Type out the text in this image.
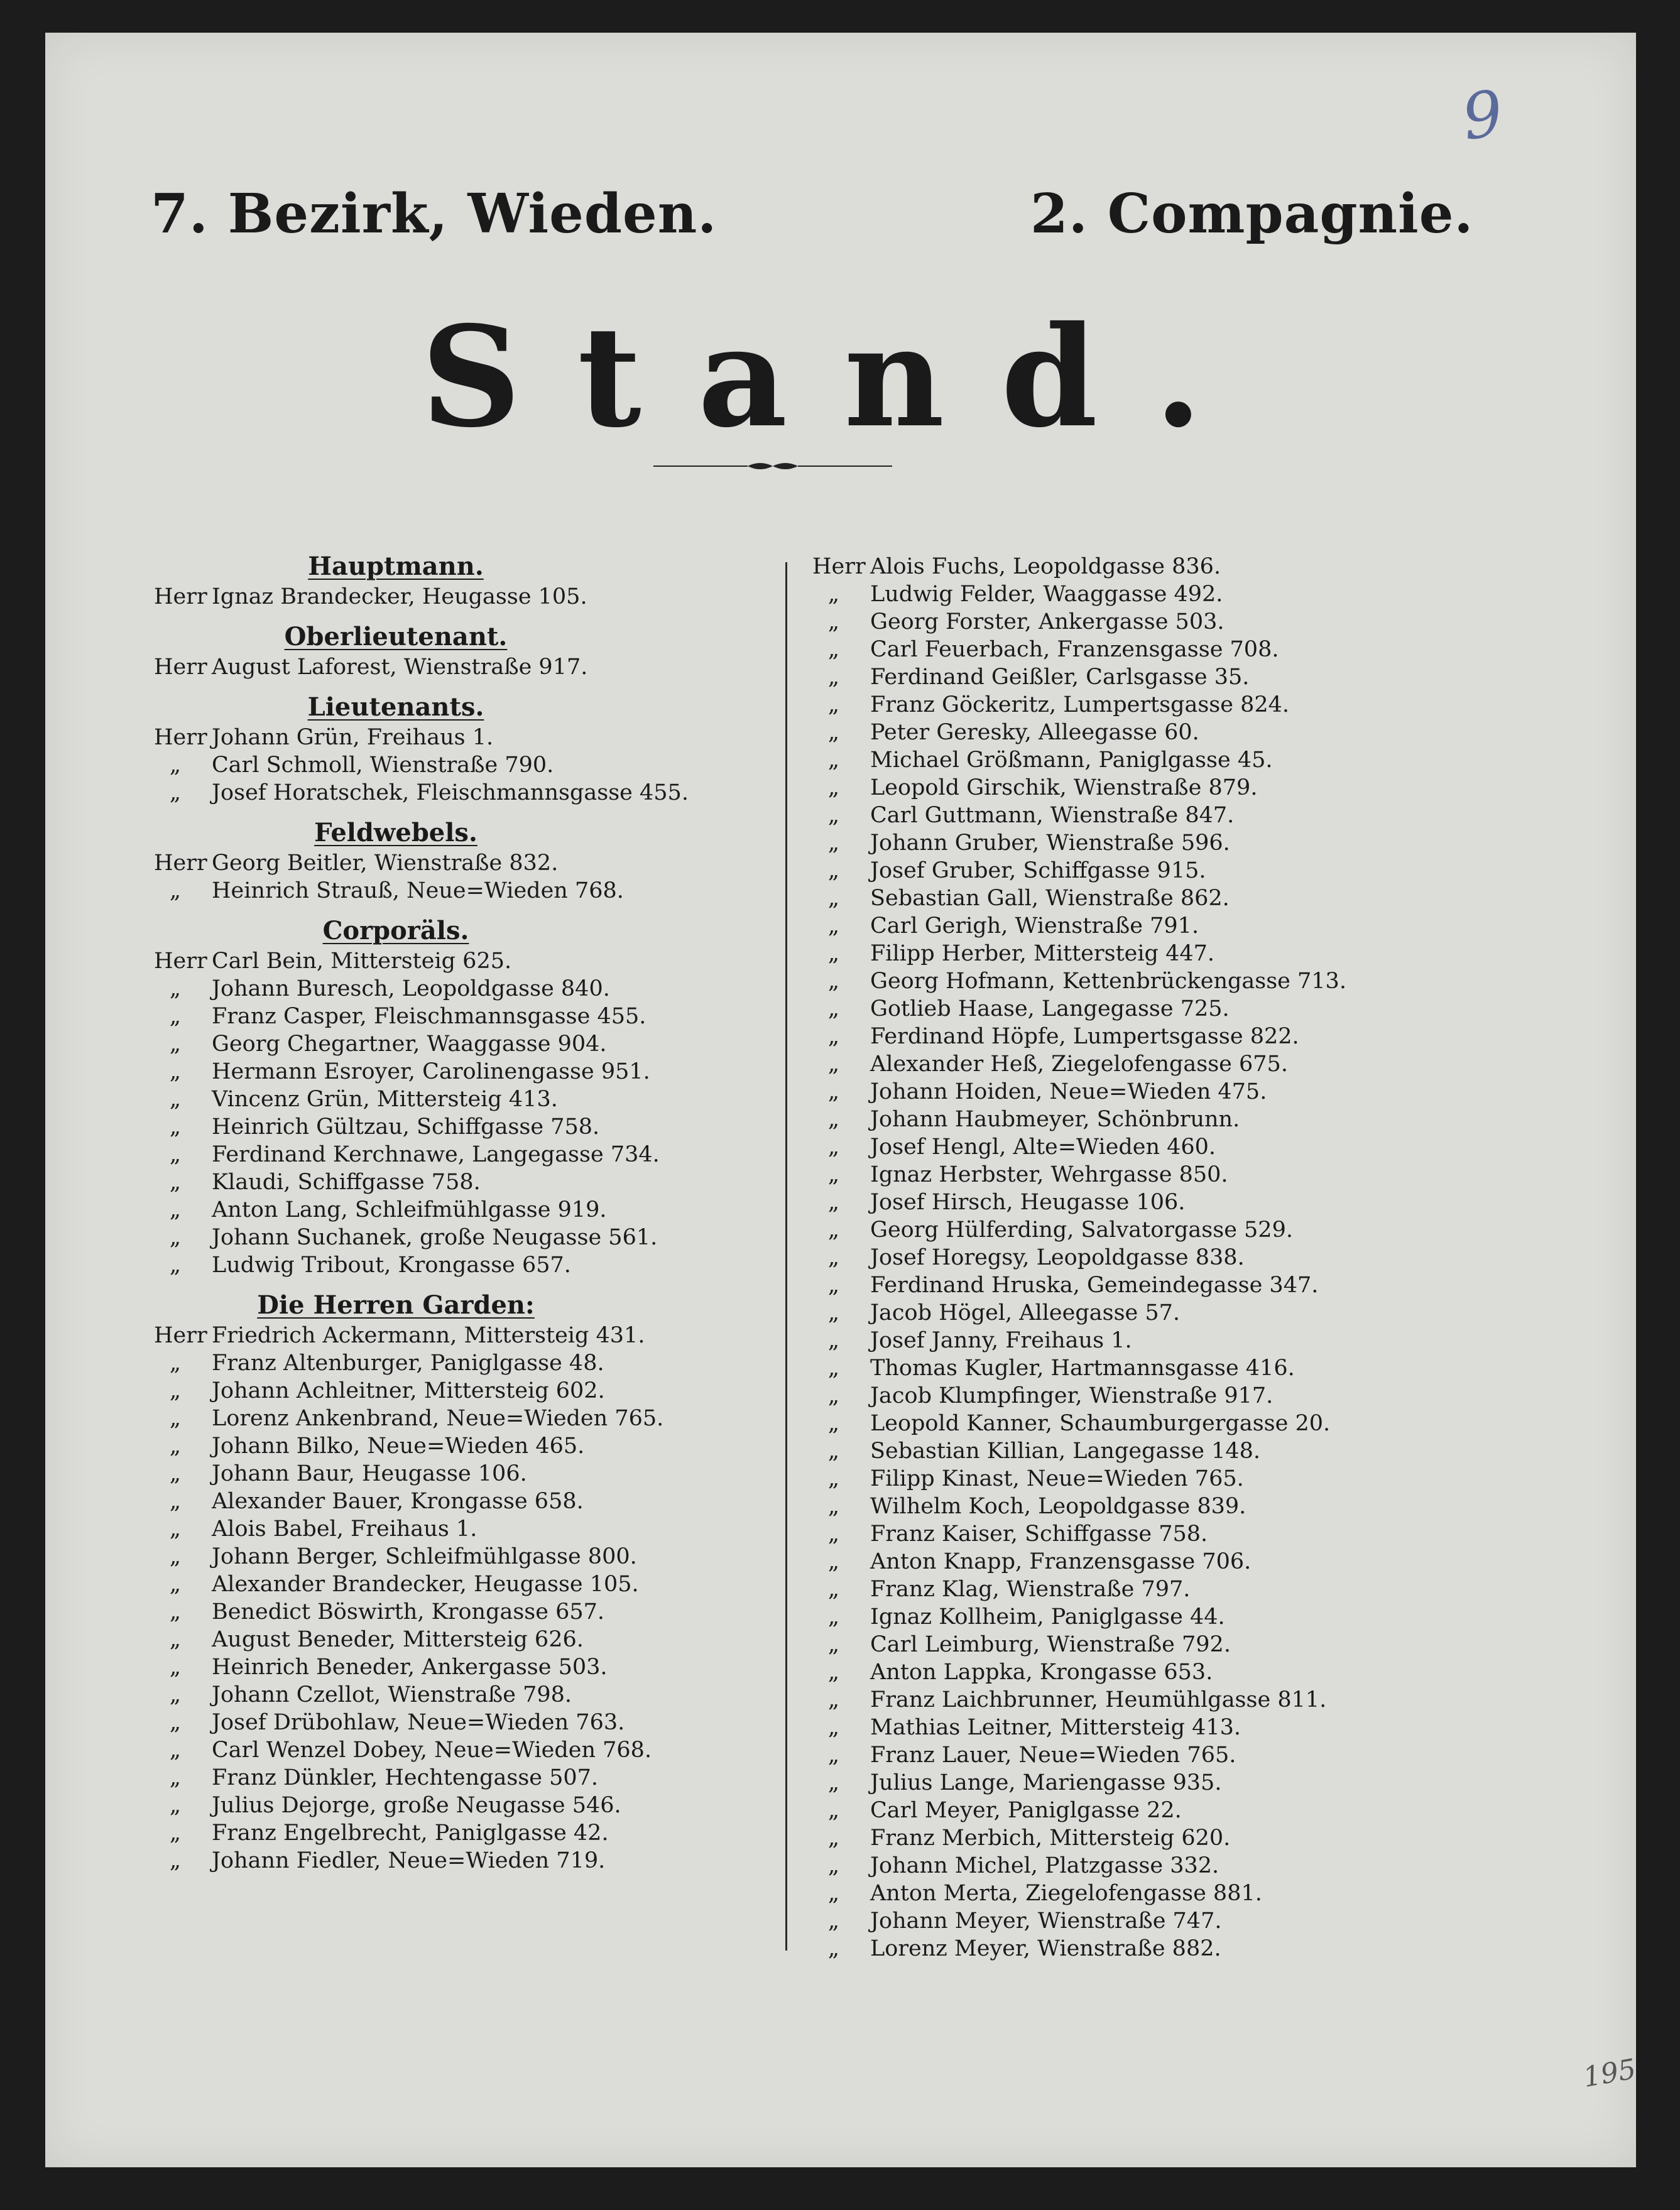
9
195
7. Bezirk, Wieden.	2. Compagnie.
Stand.
Hauptmann.
Herr Ignaz Brandecker, Heugasse 105.
Oberlieutenant.
Herr August Laforest, Wienstraße 917.
Lieutenants.
Herr Johann Grün, Freihaus 1.
„ Carl Schmoll, Wienstraße 790.
„ Josef Horatschek, Fleischmannsgasse 455.
Feldwebels.
Herr Georg Beitler, Wienstraße 832.
„ Heinrich Strauß, Neue=Wieden 768.
Corporäls.
Herr Carl Bein, Mittersteig 625.
„ Johann Buresch, Leopoldgasse 840.
„ Franz Casper, Fleischmannsgasse 455.
„ Georg Chegartner, Waaggasse 904.
„ Hermann Esroyer, Carolinengasse 951.
„ Vincenz Grün, Mittersteig 413.
„ Heinrich Gültzau, Schiffgasse 758.
„ Ferdinand Kerchnawe, Langegasse 734.
„ Klaudi, Schiffgasse 758.
„ Anton Lang, Schleifmühlgasse 919.
„ Johann Suchanek, große Neugasse 561.
„ Ludwig Tribout, Krongasse 657.
Die Herren Garden:
Herr Friedrich Ackermann, Mittersteig 431.
„ Franz Altenburger, Paniglgasse 48.
„ Johann Achleitner, Mittersteig 602.
„ Lorenz Ankenbrand, Neue=Wieden 765.
„ Johann Bilko, Neue=Wieden 465.
„ Johann Baur, Heugasse 106.
„ Alexander Bauer, Krongasse 658.
„ Alois Babel, Freihaus 1.
„ Johann Berger, Schleifmühlgasse 800.
„ Alexander Brandecker, Heugasse 105.
„ Benedict Böswirth, Krongasse 657.
„ August Beneder, Mittersteig 626.
„ Heinrich Beneder, Ankergasse 503.
„ Johann Czellot, Wienstraße 798.
„ Josef Drübohlaw, Neue=Wieden 763.
„ Carl Wenzel Dobey, Neue=Wieden 768.
„ Franz Dünkler, Hechtengasse 507.
„ Julius Dejorge, große Neugasse 546.
„ Franz Engelbrecht, Paniglgasse 42.
„ Johann Fiedler, Neue=Wieden 719.
Herr Alois Fuchs, Leopoldgasse 836.
„ Ludwig Felder, Waaggasse 492.
„ Georg Forster, Ankergasse 503.
„ Carl Feuerbach, Franzensgasse 708.
„ Ferdinand Geißler, Carlsgasse 35.
„ Franz Göckeritz, Lumpertsgasse 824.
„ Peter Geresky, Alleegasse 60.
„ Michael Größmann, Paniglgasse 45.
„ Leopold Girschik, Wienstraße 879.
„ Carl Guttmann, Wienstraße 847.
„ Johann Gruber, Wienstraße 596.
„ Josef Gruber, Schiffgasse 915.
„ Sebastian Gall, Wienstraße 862.
„ Carl Gerigh, Wienstraße 791.
„ Filipp Herber, Mittersteig 447.
„ Georg Hofmann, Kettenbrückengasse 713.
„ Gotlieb Haase, Langegasse 725.
„ Ferdinand Höpfe, Lumpertsgasse 822.
„ Alexander Heß, Ziegelofengasse 675.
„ Johann Hoiden, Neue=Wieden 475.
„ Johann Haubmeyer, Schönbrunn.
„ Josef Hengl, Alte=Wieden 460.
„ Ignaz Herbster, Wehrgasse 850.
„ Josef Hirsch, Heugasse 106.
„ Georg Hülferding, Salvatorgasse 529.
„ Josef Horegsy, Leopoldgasse 838.
„ Ferdinand Hruska, Gemeindegasse 347.
„ Jacob Högel, Alleegasse 57.
„ Josef Janny, Freihaus 1.
„ Thomas Kugler, Hartmannsgasse 416.
„ Jacob Klumpfinger, Wienstraße 917.
„ Leopold Kanner, Schaumburgergasse 20.
„ Sebastian Killian, Langegasse 148.
„ Filipp Kinast, Neue=Wieden 765.
„ Wilhelm Koch, Leopoldgasse 839.
„ Franz Kaiser, Schiffgasse 758.
„ Anton Knapp, Franzensgasse 706.
„ Franz Klag, Wienstraße 797.
„ Ignaz Kollheim, Paniglgasse 44.
„ Carl Leimburg, Wienstraße 792.
„ Anton Lappka, Krongasse 653.
„ Franz Laichbrunner, Heumühlgasse 811.
„ Mathias Leitner, Mittersteig 413.
„ Franz Lauer, Neue=Wieden 765.
„ Julius Lange, Mariengasse 935.
„ Carl Meyer, Paniglgasse 22.
„ Franz Merbich, Mittersteig 620.
„ Johann Michel, Platzgasse 332.
„ Anton Merta, Ziegelofengasse 881.
„ Johann Meyer, Wienstraße 747.
„ Lorenz Meyer, Wienstraße 882.
